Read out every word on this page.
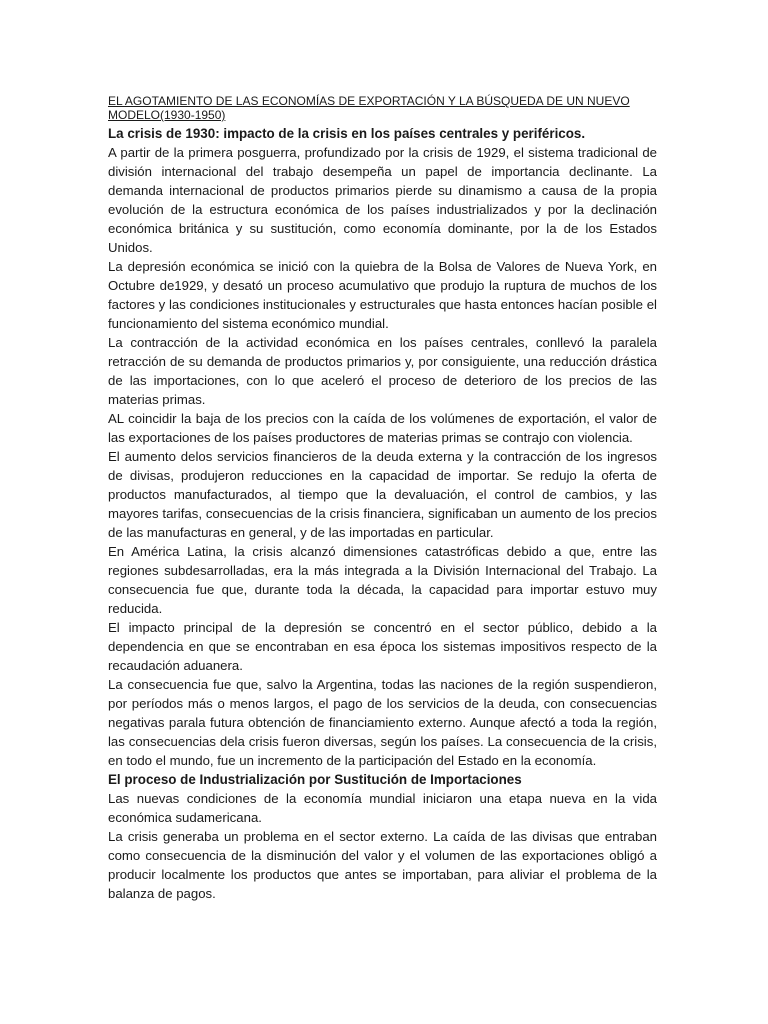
EL AGOTAMIENTO DE LAS ECONOMÍAS DE EXPORTACIÓN Y LA BÚSQUEDA DE UN NUEVO MODELO(1930-1950)

La crisis de 1930: impacto de la crisis en los países centrales y periféricos.

A partir de la primera posguerra, profundizado por la crisis de 1929, el sistema tradicional de división internacional del trabajo desempeña un papel de importancia declinante. La demanda internacional de productos primarios pierde su dinamismo a causa de la propia evolución de la estructura económica de los países industrializados y por la declinación económica británica y su sustitución, como economía dominante, por la de los Estados Unidos.

La depresión económica se inició con la quiebra de la Bolsa de Valores de Nueva York, en Octubre de1929, y desató un proceso acumulativo que produjo la ruptura de muchos de los factores y las condiciones institucionales y estructurales que hasta entonces hacían posible el funcionamiento del sistema económico mundial.

La contracción de la actividad económica en los países centrales, conllevó la paralela retracción de su demanda de productos primarios y, por consiguiente, una reducción drástica de las importaciones, con lo que aceleró el proceso de deterioro de los precios de las materias primas.

AL coincidir la baja de los precios con la caída de los volúmenes de exportación, el valor de las exportaciones de los países productores de materias primas se contrajo con violencia.

El aumento delos servicios financieros de la deuda externa y la contracción de los ingresos de divisas, produjeron reducciones en la capacidad de importar. Se redujo la oferta de productos manufacturados, al tiempo que la devaluación, el control de cambios, y las mayores tarifas, consecuencias de la crisis financiera, significaban un aumento de los precios de las manufacturas en general, y de las importadas en particular.

En América Latina, la crisis alcanzó dimensiones catastróficas debido a que, entre las regiones subdesarrolladas, era la más integrada a la División Internacional del Trabajo. La consecuencia fue que, durante toda la década, la capacidad para importar estuvo muy reducida.

El impacto principal de la depresión se concentró en el sector público, debido a la dependencia en que se encontraban en esa época los sistemas impositivos respecto de la recaudación aduanera.

La consecuencia fue que, salvo la Argentina, todas las naciones de la región suspendieron, por períodos más o menos largos, el pago de los servicios de la deuda, con consecuencias negativas parala futura obtención de financiamiento externo. Aunque afectó a toda la región, las consecuencias dela crisis fueron diversas, según los países. La consecuencia de la crisis, en todo el mundo, fue un incremento de la participación del Estado en la economía.

El proceso de Industrialización por Sustitución de Importaciones

Las nuevas condiciones de la economía mundial iniciaron una etapa nueva en la vida económica sudamericana.

La crisis generaba un problema en el sector externo. La caída de las divisas que entraban como consecuencia de la disminución del valor y el volumen de las exportaciones obligó a producir localmente los productos que antes se importaban, para aliviar el problema de la balanza de pagos.
